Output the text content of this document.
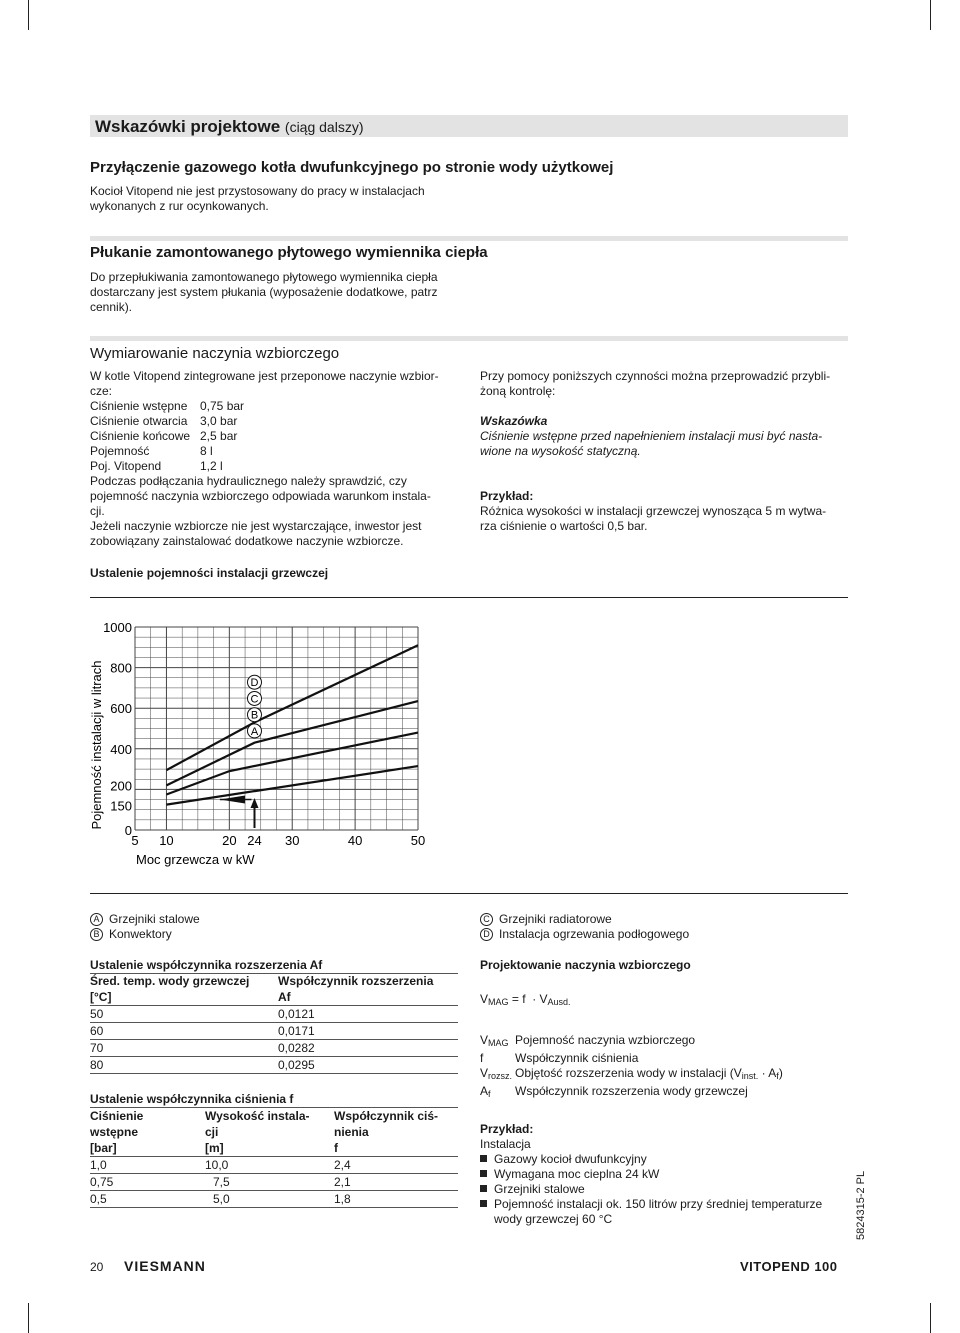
Wskazówki projektowe (ciąg dalszy)
Przyłączenie gazowego kotła dwufunkcyjnego po stronie wody użytkowej
Kocioł Vitopend nie jest przystosowany do pracy w instalacjach
wykonanych z rur ocynkowanych.
Płukanie zamontowanego płytowego wymiennika ciepła
Do przepłukiwania zamontowanego płytowego wymiennika ciepła
dostarczany jest system płukania (wyposażenie dodatkowe, patrz
cennik).
Wymiarowanie naczynia wzbiorczego
W kotle Vitopend zintegrowane jest przeponowe naczynie wzbior-
cze:
Ciśnienie wstępne	0,75 bar
Ciśnienie otwarcia	3,0 bar
Ciśnienie końcowe 2,5 bar
Pojemność	8 l
Poj. Vitopend	1,2 l
Podczas podłączania hydraulicznego należy sprawdzić, czy
pojemność naczynia wzbiorczego odpowiada warunkom instala-
cji.
Jeżeli naczynie wzbiorcze nie jest wystarczające, inwestor jest
zobowiązany zainstalować dodatkowe naczynie wzbiorcze.
Przy pomocy poniższych czynności można przeprowadzić przybli-
żoną kontrolę:
Wskazówka
Ciśnienie wstępne przed napełnieniem instalacji musi być nasta-
wione na wysokość statyczną.
Przykład:
Różnica wysokości w instalacji grzewczej wynosząca 5 m wytwa-
rza ciśnienie o wartości 0,5 bar.
Ustalenie pojemności instalacji grzewczej
A
B
C
D
1000
800
600
400
200
150
0
5 10	20 24 30	40	50
Pojemność instalacji w litrach
Moc grzewcza w kW
A Grzejniki stalowe
B Konwektory
C Grzejniki radiatorowe
D Instalacja ogrzewania podłogowego
Ustalenie współczynnika rozszerzenia Af
Śred. temp. wody grzewczej	Współczynnik rozszerzenia
[°C]	Af
50	0,0121
60	0,0171
70	0,0282
80	0,0295
Ustalenie współczynnika ciśnienia f
Ciśnienie	Wysokość instala-	Współczynnik ciś-
wstępne	cji	nienia
[bar]	[m]	f
1,0	10,0	2,4
0,75	7,5	2,1
0,5	5,0	1,8
Projektowanie naczynia wzbiorczego
$V_{MAG} = f \cdot V_{Ausd.}$
$V_{MAG}$ Pojemność naczynia wzbiorczego
f	Współczynnik ciśnienia
$V_{rozsz.}$ Objętość rozszerzenia wody w instalacji $(V_{inst.} \cdot A_f)$
$A_f$ Współczynnik rozszerzenia wody grzewczej
Przykład:
Instalacja
Gazowy kocioł dwufunkcyjny
Wymagana moc cieplna 24 kW
Grzejniki stalowe
Pojemność instalacji ok. 150 litrów przy średniej temperaturze
wody grzewczej 60 °C
20 VIESMANN	VITOPEND 100
5824315-2 PL
